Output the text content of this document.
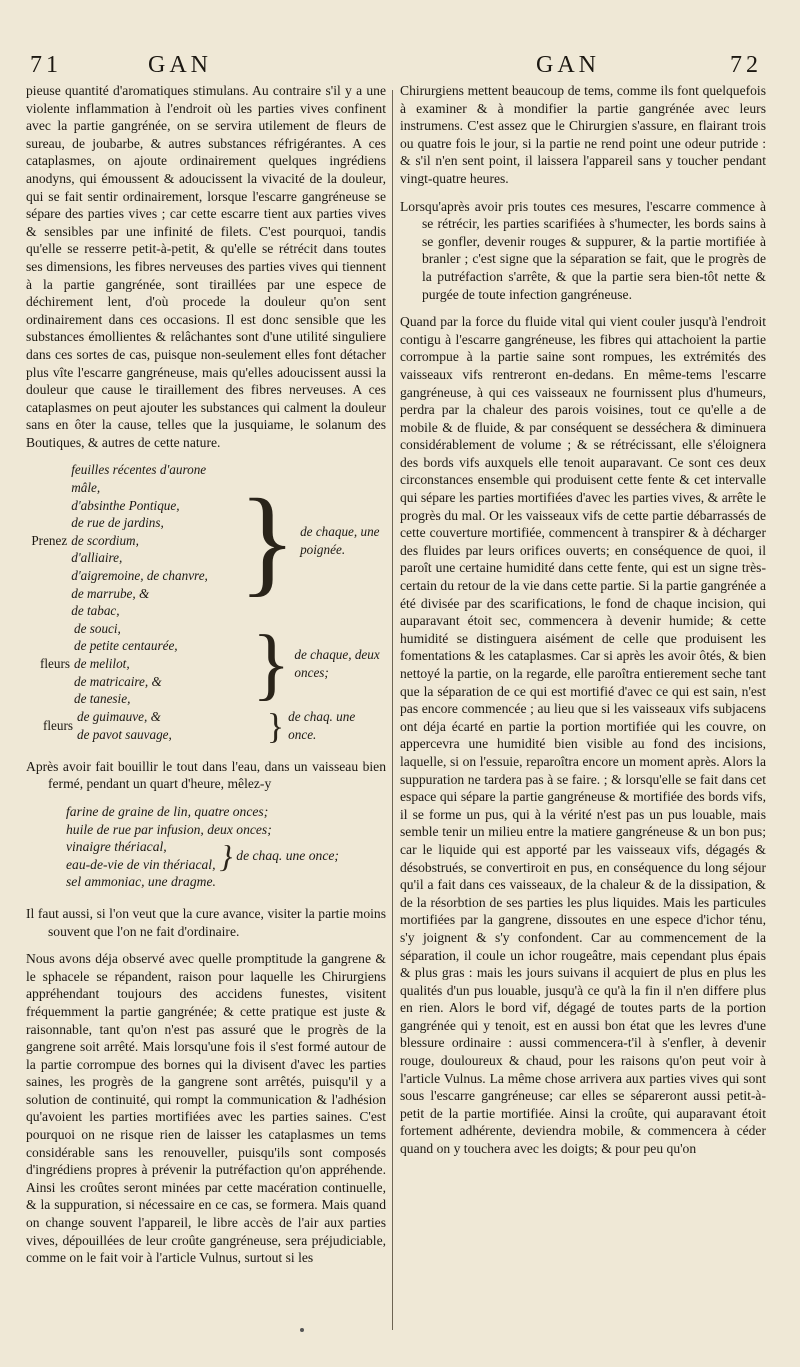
71	GAN	GAN	72

pieuse quantité d'aromatiques stimulans. Au contraire s'il y a une violente inflammation à l'endroit où les parties vives confinent avec la partie gangrénée, on se servira utilement de fleurs de sureau, de joubarbe, & autres substances réfrigérantes. A ces cataplasmes, on ajoute ordinairement quelques ingrédiens anodyns, qui émoussent & adoucissent la vivacité de la douleur, qui se fait sentir ordinairement, lorsque l'escarre gangréneuse se sépare des parties vives ; car cette escarre tient aux parties vives & sensibles par une infinité de filets. C'est pourquoi, tandis qu'elle se resserre petit-à-petit, & qu'elle se rétrécit dans toutes ses dimensions, les fibres nerveuses des parties vives qui tiennent à la partie gangrénée, sont tiraillées par une espece de déchirement lent, d'où procede la douleur qu'on sent ordinairement dans ces occasions. Il est donc sensible que les substances émollientes & relâchantes sont d'une utilité singuliere dans ces sortes de cas, puisque non-seulement elles font détacher plus vîte l'escarre gangréneuse, mais qu'elles adoucissent aussi la douleur que cause le tiraillement des fibres nerveuses. A ces cataplasmes on peut ajouter les substances qui calment la douleur sans en ôter la cause, telles que la jusquiame, le solanum des Boutiques, & autres de cette nature.

Prenez
feuilles récentes d'aurone mâle,
d'absinthe Pontique,
de rue de jardins,
de scordium,
d'alliaire,
d'aigremoine, de chanvre,
de marrube, &
de tabac,
} de chaque, une poignée.
fleurs
de souci,
de petite centaurée,
de melilot,
de matricaire, &
de tanesie,	} de chaque, deux onces;
fleurs
de guimauve, &
de pavot sauvage,	} de chaq. une once.

Après avoir fait bouillir le tout dans l'eau, dans un vaisseau bien fermé, pendant un quart d'heure, mêlez-y

farine de graine de lin, quatre onces;
huile de rue par infusion, deux onces;
vinaigre thériacal,
eau-de-vie de vin thériacal, } de chaq. une once;
sel ammoniac, une dragme.

Il faut aussi, si l'on veut que la cure avance, visiter la partie moins souvent que l'on ne fait d'ordinaire.

Nous avons déja observé avec quelle promptitude la gangrene & le sphacele se répandent, raison pour laquelle les Chirurgiens appréhendant toujours des accidens funestes, visitent fréquemment la partie gangrénée; & cette pratique est juste & raisonnable, tant qu'on n'est pas assuré que le progrès de la gangrene soit arrêté. Mais lorsqu'une fois il s'est formé autour de la partie corrompue des bornes qui la divisent d'avec les parties saines, les progrès de la gangrene sont arrêtés, puisqu'il y a solution de continuité, qui rompt la communication & l'adhésion qu'avoient les parties mortifiées avec les parties saines. C'est pourquoi on ne risque rien de laisser les cataplasmes un tems considérable sans les renouveller, puisqu'ils sont composés d'ingrédiens propres à prévenir la putréfaction qu'on appréhende. Ainsi les croûtes seront minées par cette macération continuelle, & la suppuration, si nécessaire en ce cas, se formera. Mais quand on change souvent l'appareil, le libre accès de l'air aux parties vives, dépouillées de leur croûte gangréneuse, sera préjudiciable, comme on le fait voir à l'article Vulnus, surtout si les

Chirurgiens mettent beaucoup de tems, comme ils font quelquefois à examiner & à mondifier la partie gangrénée avec leurs instrumens. C'est assez que le Chirurgien s'assure, en flairant trois ou quatre fois le jour, si la partie ne rend point une odeur putride : & s'il n'en sent point, il laissera l'appareil sans y toucher pendant vingt-quatre heures.

Lorsqu'après avoir pris toutes ces mesures, l'escarre commence à se rétrécir, les parties scarifiées à s'humecter, les bords sains à se gonfler, devenir rouges & suppurer, & la partie mortifiée à branler ; c'est signe que la séparation se fait, que le progrès de la putréfaction s'arrête, & que la partie sera bien-tôt nette & purgée de toute infection gangréneuse.

Quand par la force du fluide vital qui vient couler jusqu'à l'endroit contigu à l'escarre gangréneuse, les fibres qui attachoient la partie corrompue à la partie saine sont rompues, les extrémités des vaisseaux vifs rentreront en-dedans. En même-tems l'escarre gangréneuse, à qui ces vaisseaux ne fournissent plus d'humeurs, perdra par la chaleur des parois voisines, tout ce qu'elle a de mobile & de fluide, & par conséquent se desséchera & diminuera considérablement de volume ; & se rétrécissant, elle s'éloignera des bords vifs auxquels elle tenoit auparavant. Ce sont ces deux circonstances ensemble qui produisent cette fente & cet intervalle qui sépare les parties mortifiées d'avec les parties vives, & arrête le progrès du mal. Or les vaisseaux vifs de cette partie débarrassés de cette couverture mortifiée, commencent à transpirer & à décharger des fluides par leurs orifices ouverts; en conséquence de quoi, il paroît une certaine humidité dans cette fente, qui est un signe très-certain du retour de la vie dans cette partie. Si la partie gangrénée a été divisée par des scarifications, le fond de chaque incision, qui auparavant étoit sec, commencera à devenir humide; & cette humidité se distinguera aisément de celle que produisent les fomentations & les cataplasmes. Car si après les avoir ôtés, & bien nettoyé la partie, on la regarde, elle paroîtra entierement seche tant que la séparation de ce qui est mortifié d'avec ce qui est sain, n'est pas encore commencée ; au lieu que si les vaisseaux vifs subjacens ont déja écarté en partie la portion mortifiée qui les couvre, on appercevra une humidité bien visible au fond des incisions, laquelle, si on l'essuie, reparoîtra encore un moment après. Alors la suppuration ne tardera pas à se faire. ; & lorsqu'elle se fait dans cet espace qui sépare la partie gangréneuse & mortifiée des bords vifs, il se forme un pus, qui à la vérité n'est pas un pus louable, mais semble tenir un milieu entre la matiere gangréneuse & un bon pus; car le liquide qui est apporté par les vaisseaux vifs, dégagés & désobstrués, se convertiroit en pus, en conséquence du long séjour qu'il a fait dans ces vaisseaux, de la chaleur & de la dissipation, & de la résorbtion de ses parties les plus liquides. Mais les particules mortifiées par la gangrene, dissoutes en une espece d'ichor ténu, s'y joignent & s'y confondent. Car au commencement de la séparation, il coule un ichor rougeâtre, mais cependant plus épais & plus gras : mais les jours suivans il acquiert de plus en plus les qualités d'un pus louable, jusqu'à ce qu'à la fin il n'en differe plus en rien. Alors le bord vif, dégagé de toutes parts de la portion gangrénée qui y tenoit, est en aussi bon état que les levres d'une blessure ordinaire : aussi commencera-t'il à s'enfler, à devenir rouge, douloureux & chaud, pour les raisons qu'on peut voir à l'article Vulnus. La même chose arrivera aux parties vives qui sont sous l'escarre gangréneuse; car elles se sépareront aussi petit-à-petit de la partie mortifiée. Ainsi la croûte, qui auparavant étoit fortement adhérente, deviendra mobile, & commencera à céder quand on y touchera avec les doigts; & pour peu qu'on
